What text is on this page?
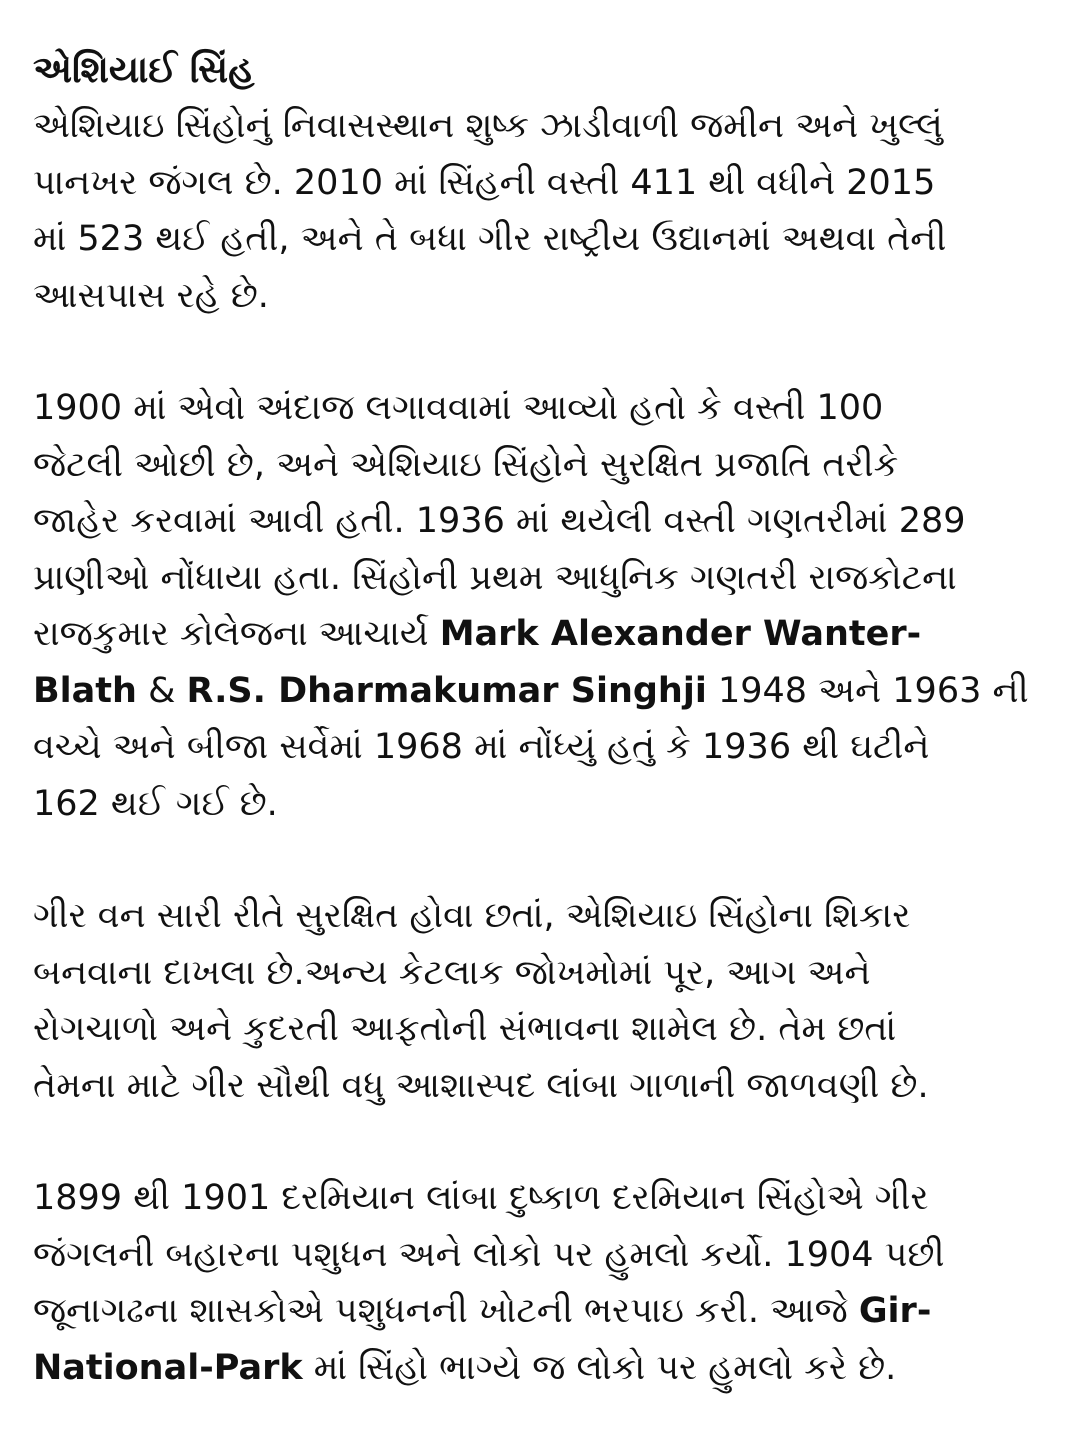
એશિયાઈ સિંહ

એશિયાઇ સિંહોનું નિવાસસ્થાન શુષ્ક ઝાડીવાળી જમીન અને ખુલ્લું
પાનખર જંગલ છે. 2010 માં સિંહની વસ્તી 411 થી વધીને 2015
માં 523 થઈ હતી, અને તે બધા ગીર રાષ્ટ્રીય ઉદ્યાનમાં અથવા તેની
આસપાસ રહે છે.

1900 માં એવો અંદાજ લગાવવામાં આવ્યો હતો કે વસ્તી 100
જેટલી ઓછી છે, અને એશિયાઇ સિંહોને સુરક્ષિત પ્રજાતિ તરીકે
જાહેર કરવામાં આવી હતી. 1936 માં થયેલી વસ્તી ગણતરીમાં 289
પ્રાણીઓ નોંધાયા હતા. સિંહોની પ્રથમ આધુનિક ગણતરી રાજકોટના
રાજકુમાર કોલેજના આચાર્ય Mark Alexander Wanter-
Blath & R.S. Dharmakumar Singhji 1948 અને 1963 ની
વચ્ચે અને બીજા સર્વેમાં 1968 માં નોંધ્યું હતું કે 1936 થી ઘટીને
162 થઈ ગઈ છે.

ગીર વન સારી રીતે સુરક્ષિત હોવા છતાં, એશિયાઇ સિંહોના શિકાર
બનવાના દાખલા છે.અન્ય કેટલાક જોખમોમાં પૂર, આગ અને
રોગચાળો અને કુદરતી આફતોની સંભાવના શામેલ છે. તેમ છતાં
તેમના માટે ગીર સૌથી વધુ આશાસ્પદ લાંબા ગાળાની જાળવણી છે.

1899 થી 1901 દરમિયાન લાંબા દુષ્કાળ દરમિયાન સિંહોએ ગીર
જંગલની બહારના પશુધન અને લોકો પર હુમલો કર્યો. 1904 પછી
જૂનાગઢના શાસકોએ પશુધનની ખોટની ભરપાઇ કરી. આજે Gir-
National-Park માં સિંહો ભાગ્યે જ લોકો પર હુમલો કરે છે.
